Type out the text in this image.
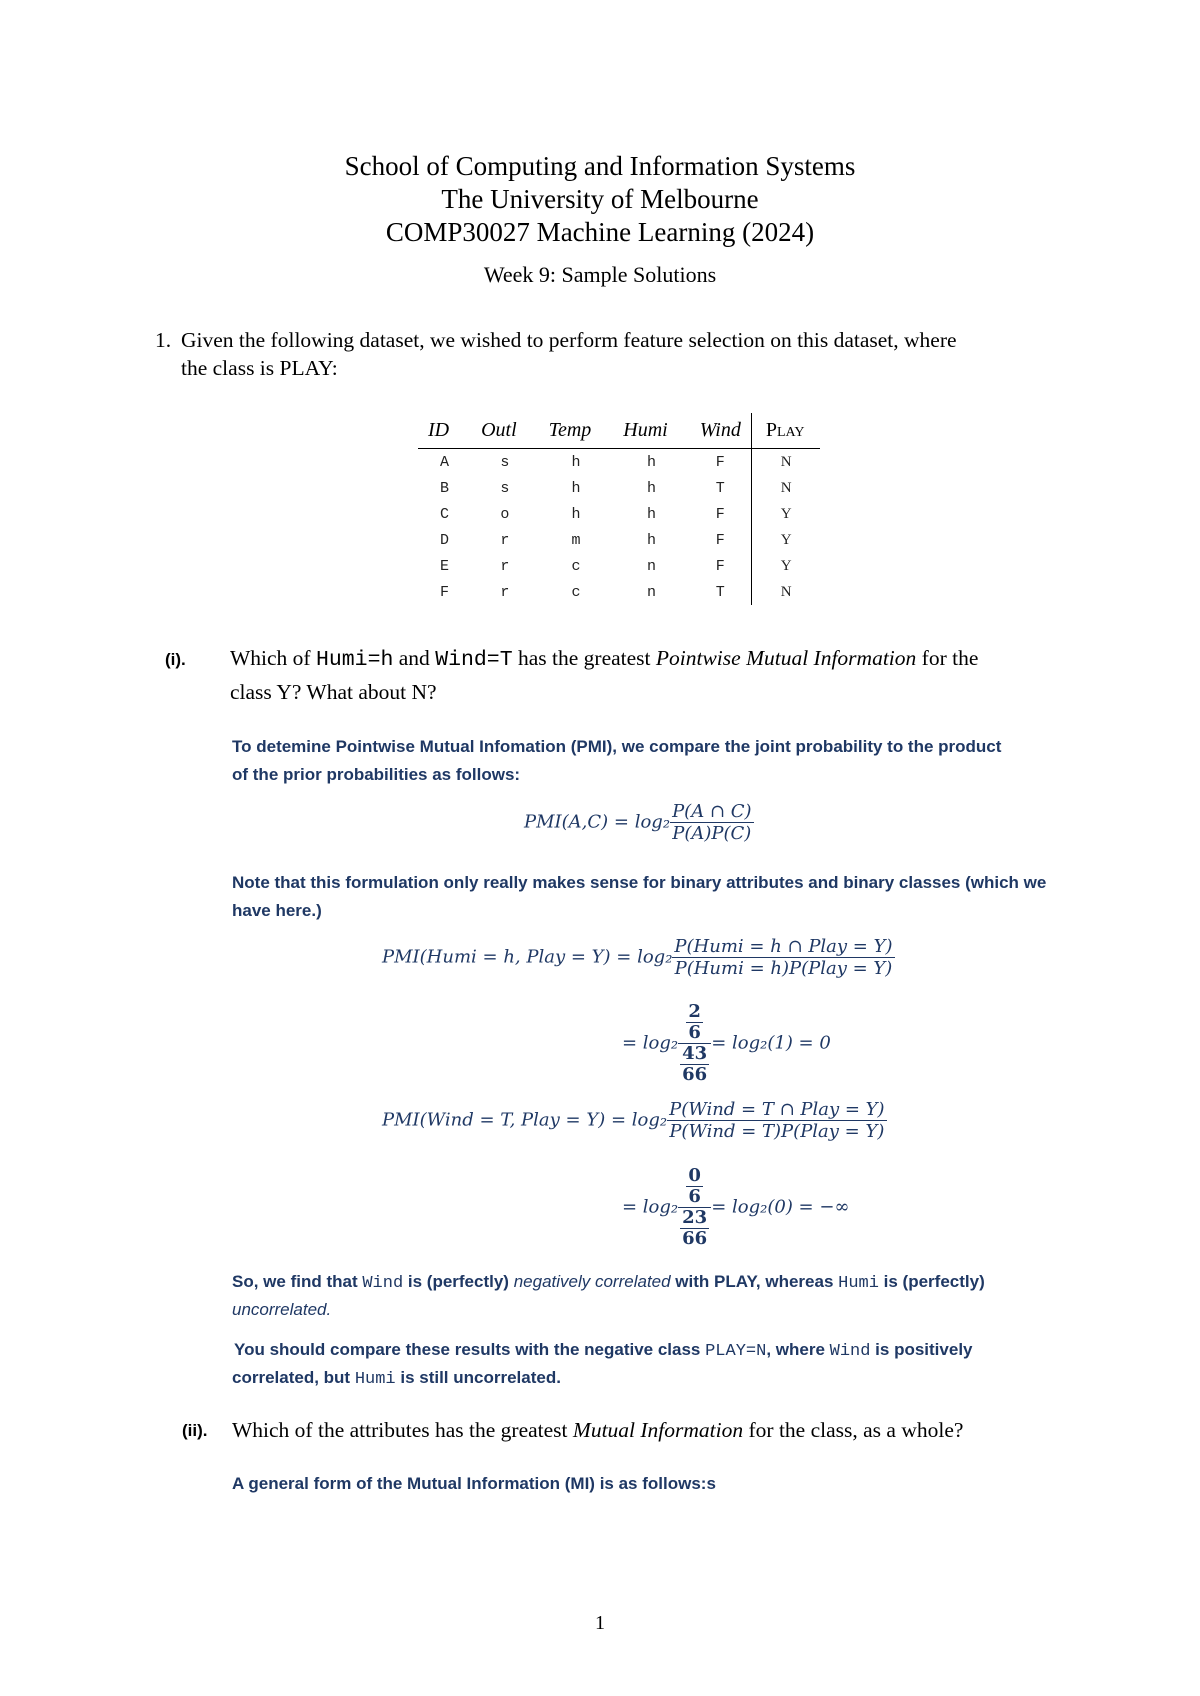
School of Computing and Information Systems
The University of Melbourne
COMP30027 Machine Learning (2024)
Week 9: Sample Solutions
1. Given the following dataset, we wished to perform feature selection on this dataset, where
the class is PLAY:
ID	Outl	Temp	Humi	Wind	Play
A	s	h	h	F	N
B	s	h	h	T	N
C	o	h	h	F	Y
D	r	m	h	F	Y
E	r	c	n	F	Y
F	r	c	n	T	N
(i). Which of Humi=h and Wind=T has the greatest Pointwise Mutual Information for the
class Y? What about N?
To detemine Pointwise Mutual Infomation (PMI), we compare the joint probability to the product
of the prior probabilities as follows:
$PMI(A,C) = \log_2 \frac{P(A \cap C)}{P(A)P(C)}$
Note that this formulation only really makes sense for binary attributes and binary classes (which we
have here.)
PMI(Humi = h, Play = $Y) = \log_2 \frac{\text{P(Humi = h ∩ Play = Y)}}{\text{P(Humi = h)P(Play = Y)}}$
= $\log_2 \frac{\frac{2}{6}}{\frac{43}{66}} = \log_2(1) = 0$
PMI(Wind = T, Play = $Y) = \log_2 \frac{\text{P(Wind = T ∩ Play = Y)}}{\text{P(Wind = T)P(Play = Y)}}$
= $\log_2 \frac{\frac{0}{6}}{\frac{23}{66}} = \log_2(0)$ = −∞
So, we find that Wind is (perfectly) negatively correlated with PLAY, whereas Humi is (perfectly)
uncorrelated.
You should compare these results with the negative class PLAY=N, where Wind is positively
correlated, but Humi is still uncorrelated.
(ii). Which of the attributes has the greatest Mutual Information for the class, as a whole?
A general form of the Mutual Information (MI) is as follows:s
1
